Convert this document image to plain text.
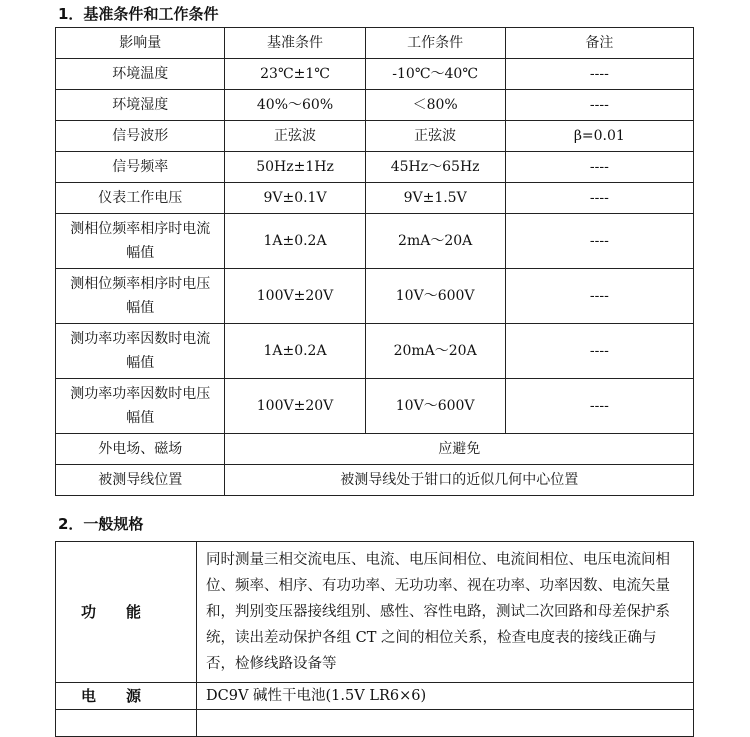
1．基准条件和工作条件
影响量	基准条件	工作条件	备注
环境温度	23℃±1℃	-10℃～40℃	----
环境湿度	40%～60%	＜80%	----
信号波形	正弦波	正弦波	β=0.01
信号频率	50Hz±1Hz	45Hz～65Hz	----
仪表工作电压	9V±0.1V	9V±1.5V	----
测相位频率相序时电流幅值	1A±0.2A	2mA～20A	----
测相位频率相序时电压幅值	100V±20V	10V～600V	----
测功率功率因数时电流幅值	1A±0.2A	20mA～20A	----
测功率功率因数时电压幅值	100V±20V	10V～600V	----
外电场、磁场	应避免		
被测导线位置	被测导线处于钳口的近似几何中心位置		
2．一般规格
功能	同时测量三相交流电压、电流、电压间相位、电流间相位、电压电流间相位、频率、相序、有功功率、无功功率、视在功率、功率因数、电流矢量和，判别变压器接线组别、感性、容性电路，测试二次回路和母差保护系统，读出差动保护各组 CT 之间的相位关系，检查电度表的接线正确与否，检修线路设备等
电源	DC9V 碱性干电池(1.5V LR6×6)
